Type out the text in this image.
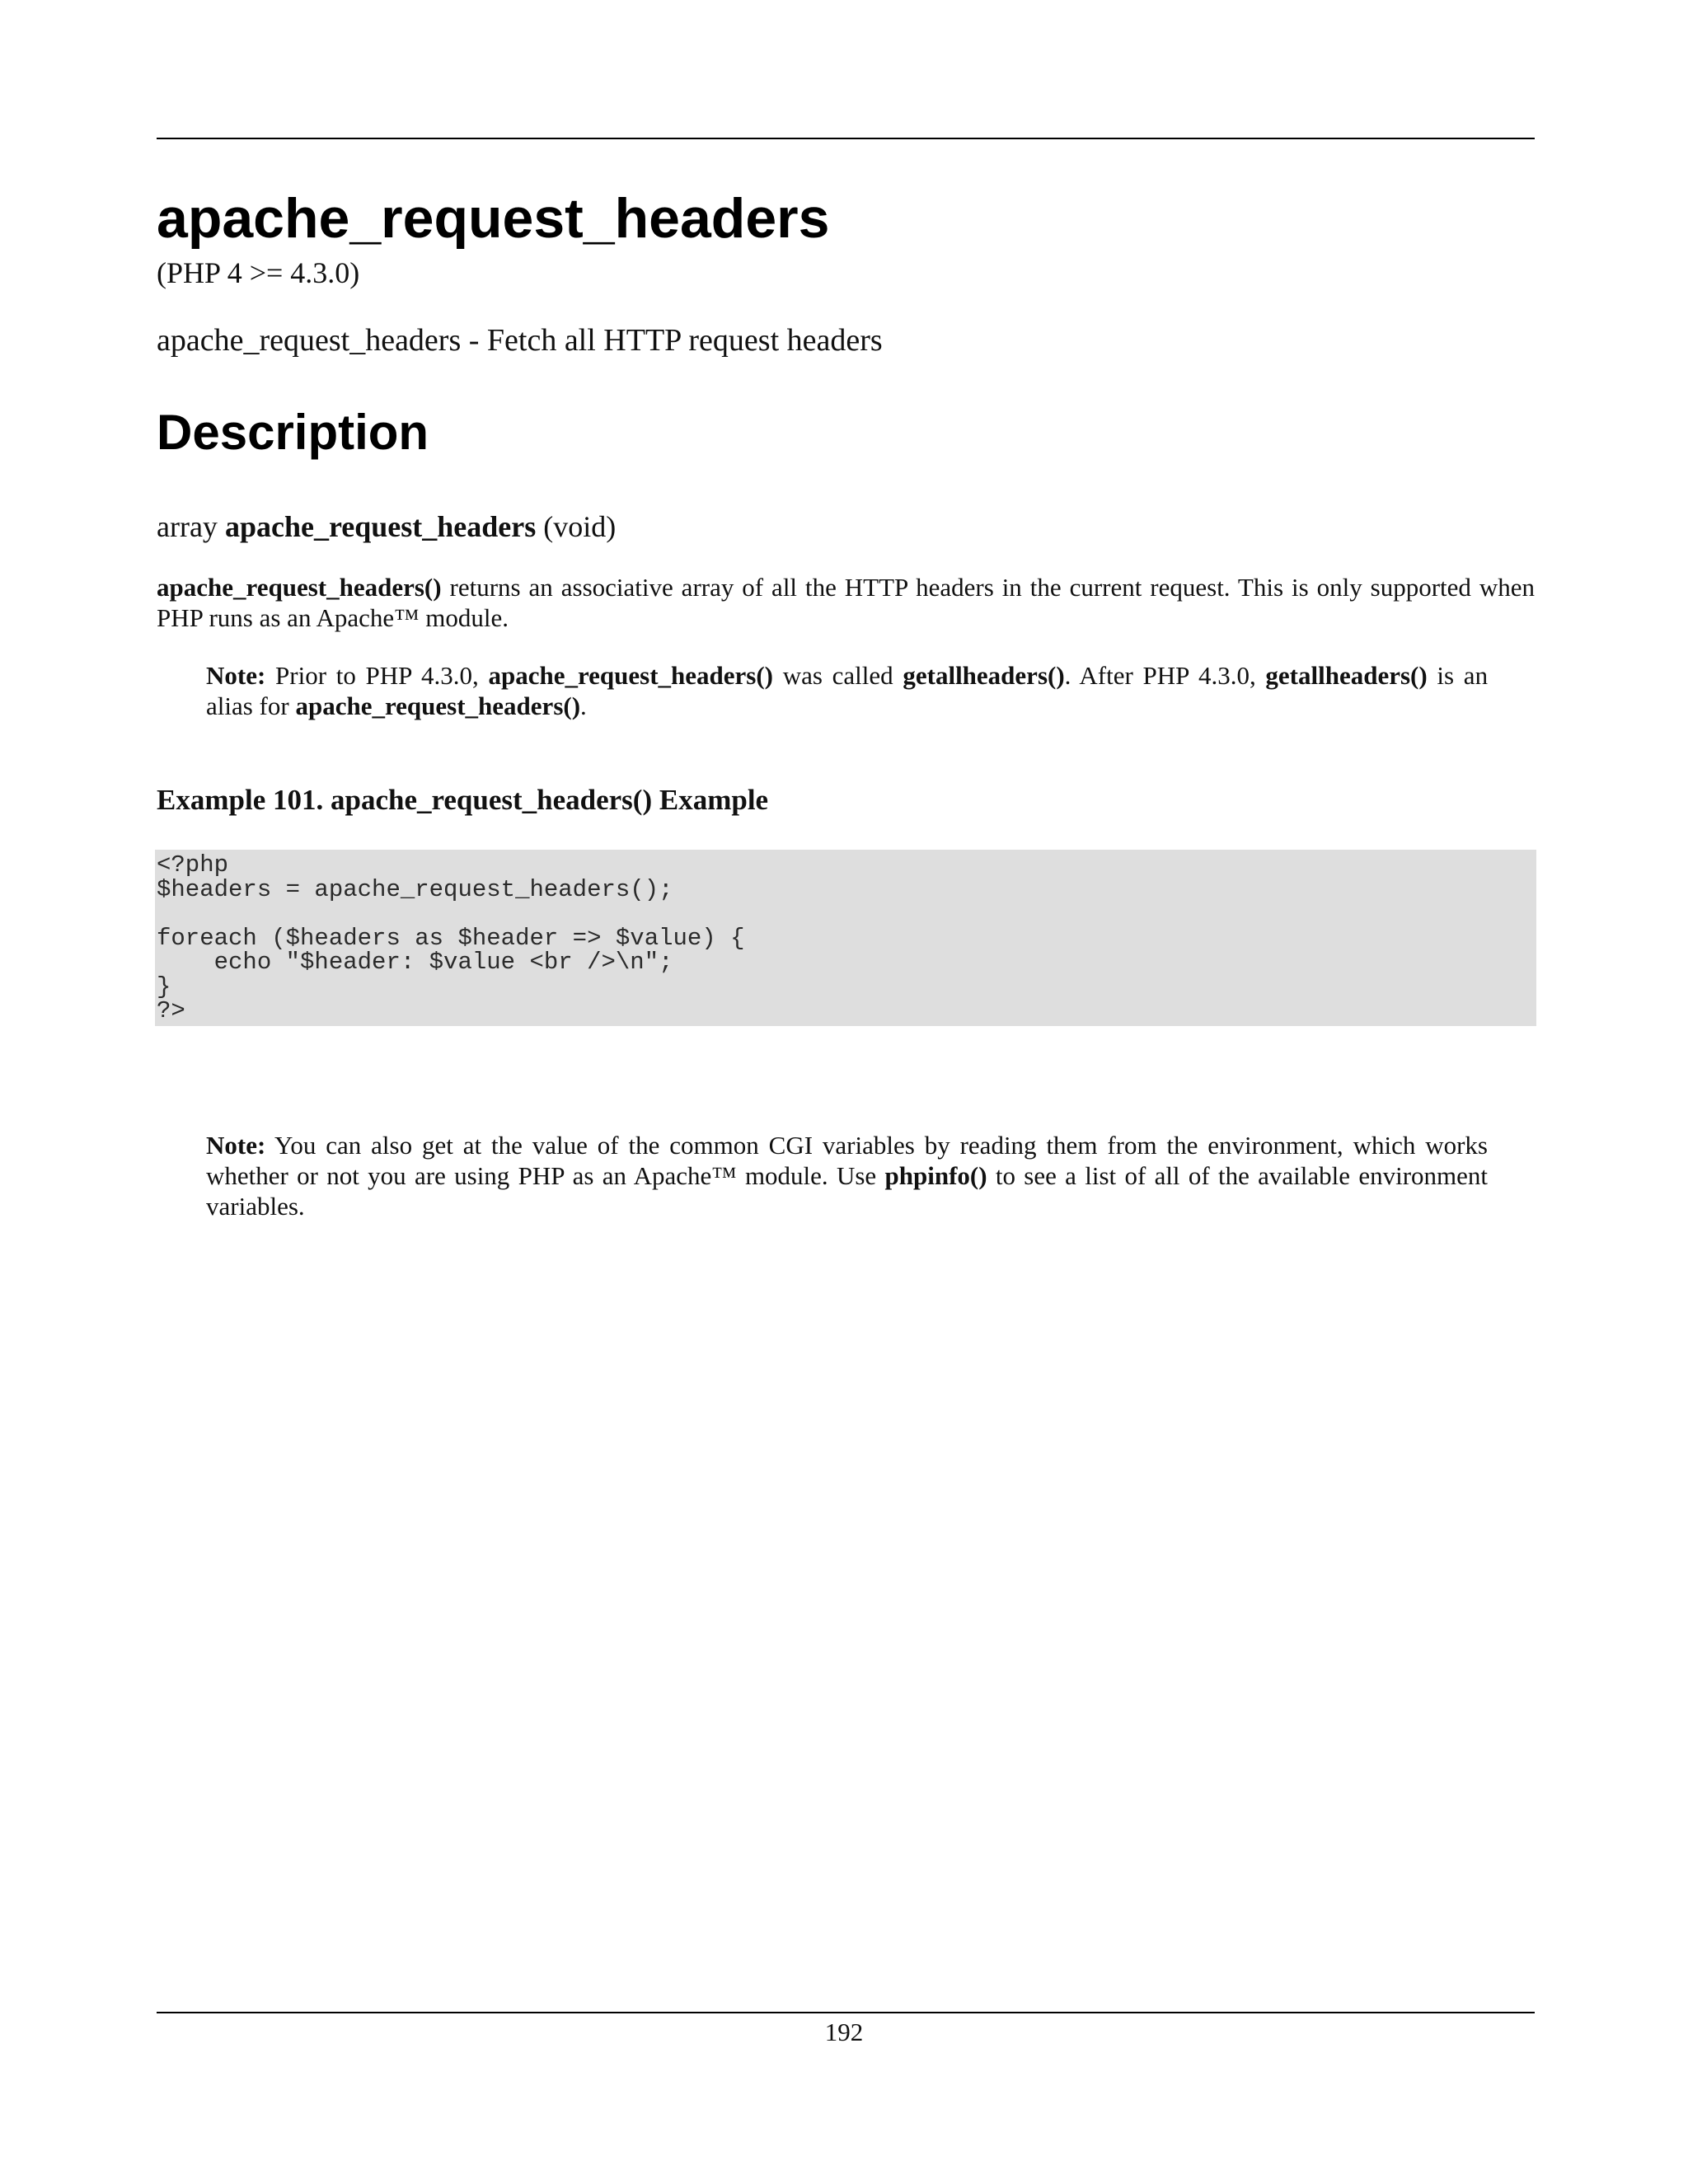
apache_request_headers
(PHP 4 >= 4.3.0)
apache_request_headers - Fetch all HTTP request headers
Description
array apache_request_headers (void)
apache_request_headers() returns an associative array of all the HTTP headers in the current request. This is only supported when PHP runs as an Apache™ module.
Note: Prior to PHP 4.3.0, apache_request_headers() was called getallheaders(). After PHP 4.3.0, getallheaders() is an alias for apache_request_headers().
Example 101. apache_request_headers() Example
<?php
$headers = apache_request_headers();

foreach ($headers as $header => $value) {
echo "$header: $value <br />\n";
}
?>
Note: You can also get at the value of the common CGI variables by reading them from the environment, which works whether or not you are using PHP as an Apache™ module. Use phpinfo() to see a list of all of the available environment variables.
192
